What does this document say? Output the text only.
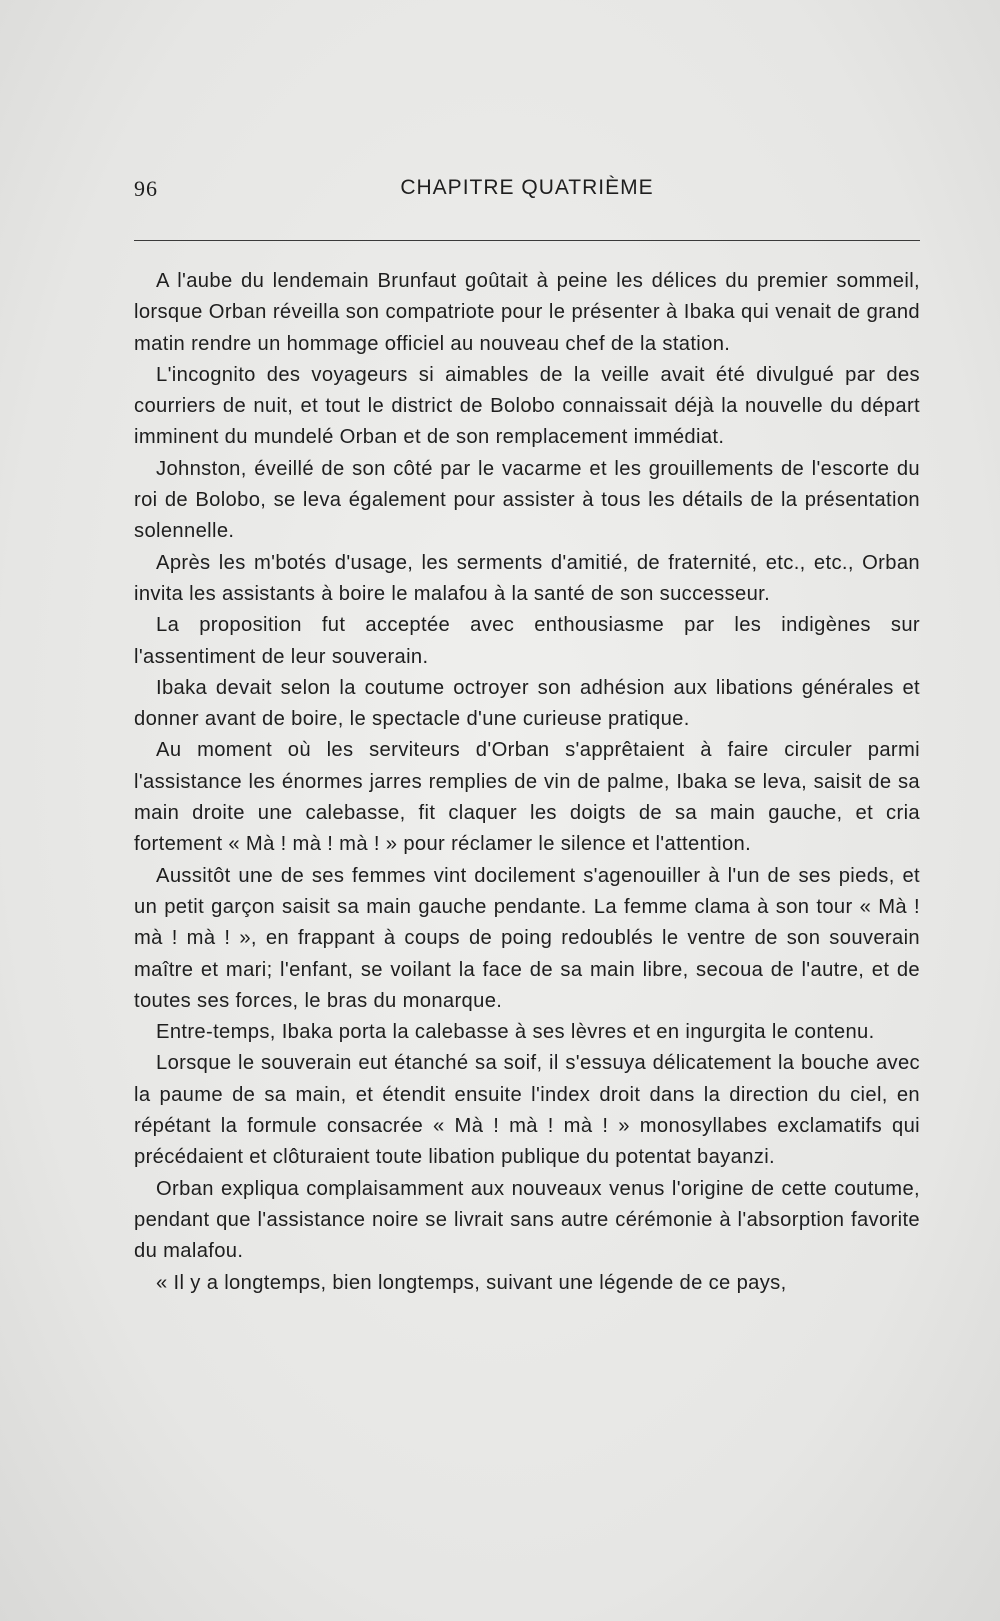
96	CHAPITRE QUATRIÈME

A l'aube du lendemain Brunfaut goûtait à peine les délices du premier sommeil, lorsque Orban réveilla son compatriote pour le présenter à Ibaka qui venait de grand matin rendre un hommage officiel au nouveau chef de la station.

L'incognito des voyageurs si aimables de la veille avait été divulgué par des courriers de nuit, et tout le district de Bolobo connaissait déjà la nouvelle du départ imminent du mundelé Orban et de son remplacement immédiat.

Johnston, éveillé de son côté par le vacarme et les grouillements de l'escorte du roi de Bolobo, se leva également pour assister à tous les détails de la présentation solennelle.

Après les m'botés d'usage, les serments d'amitié, de fraternité, etc., etc., Orban invita les assistants à boire le malafou à la santé de son successeur.

La proposition fut acceptée avec enthousiasme par les indigènes sur l'assentiment de leur souverain.

Ibaka devait selon la coutume octroyer son adhésion aux libations générales et donner avant de boire, le spectacle d'une curieuse pratique.

Au moment où les serviteurs d'Orban s'apprêtaient à faire circuler parmi l'assistance les énormes jarres remplies de vin de palme, Ibaka se leva, saisit de sa main droite une calebasse, fit claquer les doigts de sa main gauche, et cria fortement « Mà ! mà ! mà ! » pour réclamer le silence et l'attention.

Aussitôt une de ses femmes vint docilement s'agenouiller à l'un de ses pieds, et un petit garçon saisit sa main gauche pendante. La femme clama à son tour « Mà ! mà ! mà ! », en frappant à coups de poing redoublés le ventre de son souverain maître et mari; l'enfant, se voilant la face de sa main libre, secoua de l'autre, et de toutes ses forces, le bras du monarque.

Entre-temps, Ibaka porta la calebasse à ses lèvres et en ingurgita le contenu.

Lorsque le souverain eut étanché sa soif, il s'essuya délicatement la bouche avec la paume de sa main, et étendit ensuite l'index droit dans la direction du ciel, en répétant la formule consacrée « Mà ! mà ! mà ! » monosyllabes exclamatifs qui précédaient et clôturaient toute libation publique du potentat bayanzi.

Orban expliqua complaisamment aux nouveaux venus l'origine de cette coutume, pendant que l'assistance noire se livrait sans autre cérémonie à l'absorption favorite du malafou.

« Il y a longtemps, bien longtemps, suivant une légende de ce pays,
